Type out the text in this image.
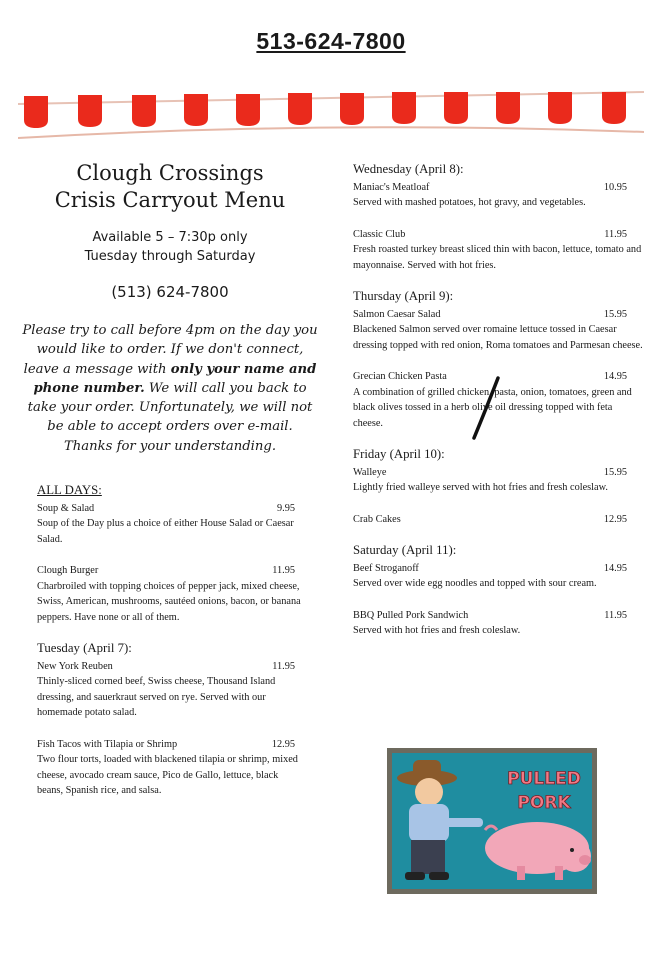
513-624-7800
Clough Crossings
Crisis Carryout Menu
Available 5 – 7:30p only
Tuesday through Saturday
(513) 624-7800
Please try to call before 4pm on the day you would like to order. If we don't connect, leave a message with only your name and phone number. We will call you back to take your order. Unfortunately, we will not be able to accept orders over e-mail. Thanks for your understanding.
ALL DAYS:
Soup & Salad	9.95
Soup of the Day plus a choice of either House Salad or Caesar Salad.
Clough Burger	11.95
Charbroiled with topping choices of pepper jack, mixed cheese, Swiss, American, mushrooms, sautéed onions, bacon, or banana peppers. Have none or all of them.
Tuesday (April 7):
New York Reuben	11.95
Thinly-sliced corned beef, Swiss cheese, Thousand Island dressing, and sauerkraut served on rye. Served with our homemade potato salad.
Fish Tacos with Tilapia or Shrimp	12.95
Two flour torts, loaded with blackened tilapia or shrimp, mixed cheese, avocado cream sauce, Pico de Gallo, lettuce, black beans, Spanish rice, and salsa.
Wednesday (April 8):
Maniac's Meatloaf	10.95
Served with mashed potatoes, hot gravy, and vegetables.
Classic Club	11.95
Fresh roasted turkey breast sliced thin with bacon, lettuce, tomato and mayonnaise. Served with hot fries.
Thursday (April 9):
Salmon Caesar Salad	15.95
Blackened Salmon served over romaine lettuce tossed in Caesar dressing topped with red onion, Roma tomatoes and Parmesan cheese.
Grecian Chicken Pasta	14.95
A combination of grilled chicken, pasta, onion, tomatoes, green and black olives tossed in a herb olive oil dressing topped with feta cheese.
Friday (April 10):
Walleye	15.95
Lightly fried walleye served with hot fries and fresh coleslaw.
Crab Cakes	12.95
Saturday (April 11):
Beef Stroganoff	14.95
Served over wide egg noodles and topped with sour cream.
BBQ Pulled Pork Sandwich	11.95
Served with hot fries and fresh coleslaw.
PULLED
PORK
